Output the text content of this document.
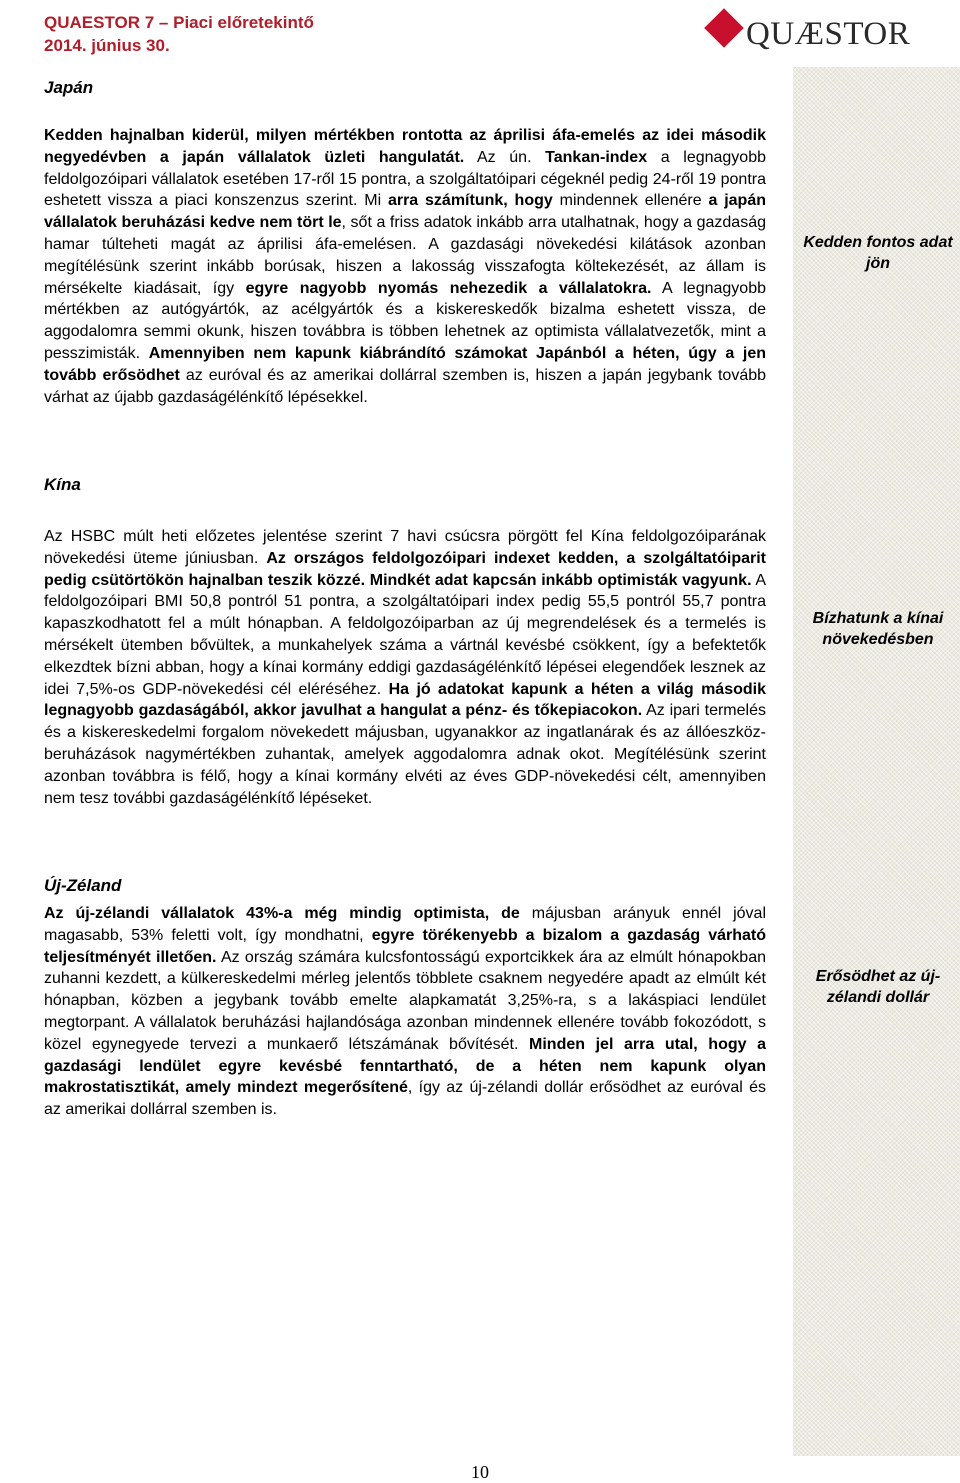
QUAESTOR 7 – Piaci előretekintő
2014. június 30.	QUÆSTOR
Japán

Kedden hajnalban kiderül, milyen mértékben rontotta az áprilisi áfa-emelés az idei második negyedévben a japán vállalatok üzleti hangulatát. Az ún. Tankan-index a legnagyobb feldolgozóipari vállalatok esetében 17-ről 15 pontra, a szolgáltatóipari cégeknél pedig 24-ről 19 pontra eshetett vissza a piaci konszenzus szerint. Mi arra számítunk, hogy mindennek ellenére a japán vállalatok beruházási kedve nem tört le, sőt a friss adatok inkább arra utalhatnak, hogy a gazdaság hamar túlteheti magát az áprilisi áfa-emelésen. A gazdasági növekedési kilátások azonban megítélésünk szerint inkább borúsak, hiszen a lakosság visszafogta költekezését, az állam is mérsékelte kiadásait, így egyre nagyobb nyomás nehezedik a vállalatokra. A legnagyobb mértékben az autógyártók, az acélgyártók és a kiskereskedők bizalma eshetett vissza, de aggodalomra semmi okunk, hiszen továbbra is többen lehetnek az optimista vállalatvezetők, mint a pesszimisták. Amennyiben nem kapunk kiábrándító számokat Japánból a héten, úgy a jen tovább erősödhet az euróval és az amerikai dollárral szemben is, hiszen a japán jegybank tovább várhat az újabb gazdaságélénkítő lépésekkel.

Kedden fontos adat jön
Kína

Az HSBC múlt heti előzetes jelentése szerint 7 havi csúcsra pörgött fel Kína feldolgozóiparának növekedési üteme júniusban. Az országos feldolgozóipari indexet kedden, a szolgáltatóiparit pedig csütörtökön hajnalban teszik közzé. Mindkét adat kapcsán inkább optimisták vagyunk. A feldolgozóipari BMI 50,8 pontról 51 pontra, a szolgáltatóipari index pedig 55,5 pontról 55,7 pontra kapaszkodhatott fel a múlt hónapban. A feldolgozóiparban az új megrendelések és a termelés is mérsékelt ütemben bővültek, a munkahelyek száma a vártnál kevésbé csökkent, így a befektetők elkezdtek bízni abban, hogy a kínai kormány eddigi gazdaságélénkítő lépései elegendőek lesznek az idei 7,5%-os GDP-növekedési cél eléréséhez. Ha jó adatokat kapunk a héten a világ második legnagyobb gazdaságából, akkor javulhat a hangulat a pénz- és tőkepiacokon. Az ipari termelés és a kiskereskedelmi forgalom növekedett májusban, ugyanakkor az ingatlanárak és az állóeszköz-beruházások nagymértékben zuhantak, amelyek aggodalomra adnak okot. Megítélésünk szerint azonban továbbra is félő, hogy a kínai kormány elvéti az éves GDP-növekedési célt, amennyiben nem tesz további gazdaságélénkítő lépéseket.

Bízhatunk a kínai növekedésben
Új-Zéland

Az új-zélandi vállalatok 43%-a még mindig optimista, de májusban arányuk ennél jóval magasabb, 53% feletti volt, így mondhatni, egyre törékenyebb a bizalom a gazdaság várható teljesítményét illetően. Az ország számára kulcsfontosságú exportcikkek ára az elmúlt hónapokban zuhanni kezdett, a külkereskedelmi mérleg jelentős többlete csaknem negyedére apadt az elmúlt két hónapban, közben a jegybank tovább emelte alapkamatát 3,25%-ra, s a lakáspiaci lendület megtorpant. A vállalatok beruházási hajlandósága azonban mindennek ellenére tovább fokozódott, s közel egynegyede tervezi a munkaerő létszámának bővítését. Minden jel arra utal, hogy a gazdasági lendület egyre kevésbé fenntartható, de a héten nem kapunk olyan makrostatisztikát, amely mindezt megerősítené, így az új-zélandi dollár erősödhet az euróval és az amerikai dollárral szemben is.

Erősödhet az új-zélandi dollár
10
